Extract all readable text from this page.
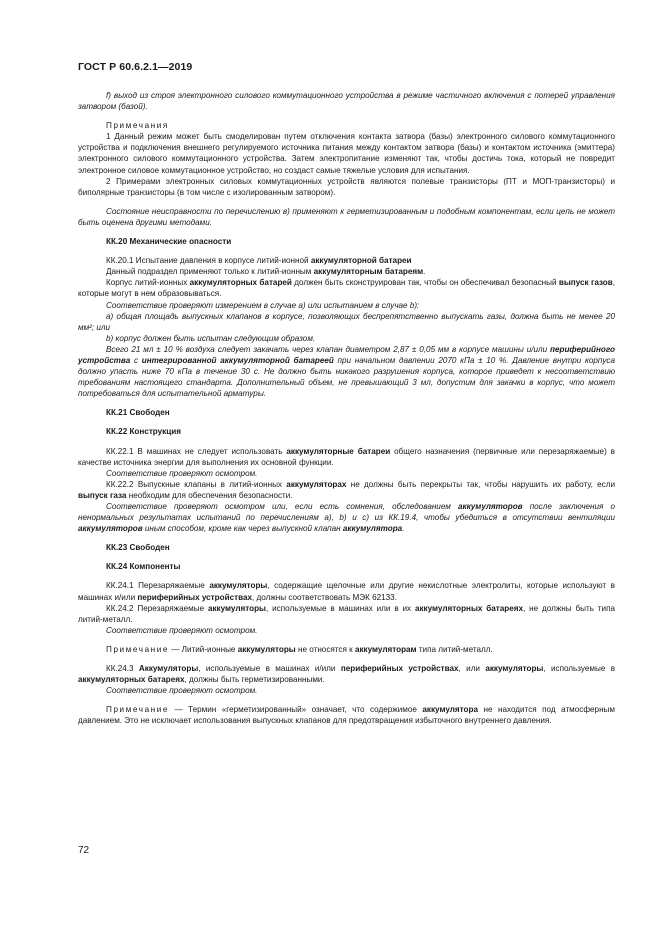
ГОСТ Р 60.6.2.1—2019

f) выход из строя электронного силового коммутационного устройства в режиме частичного включения с потерей управления затвором (базой).

Примечания

1 Данный режим может быть смоделирован путем отключения контакта затвора (базы) электронного силового коммутационного устройства и подключения внешнего регулируемого источника питания между контактом затвора (базы) и контактом источника (эмиттера) электронного силового коммутационного устройства. Затем электропитание изменяют так, чтобы достичь тока, который не повредит электронное силовое коммутационное устройство, но создаст самые тяжелые условия для испытания.

2 Примерами электронных силовых коммутационных устройств являются полевые транзисторы (ПТ и МОП-транзисторы) и биполярные транзисторы (в том числе с изолированным затвором).

Состояние неисправности по перечислению в) применяют к герметизированным и подобным компонентам, если цепь не может быть оценена другими методами.

КК.20 Механические опасности

КК.20.1 Испытание давления в корпусе литий-ионной аккумуляторной батареи

Данный подраздел применяют только к литий-ионным аккумуляторным батареям.

Корпус литий-ионных аккумуляторных батарей должен быть сконструирован так, чтобы он обеспечивал безопасный выпуск газов, которые могут в нем образовываться.

Соответствие проверяют измерением в случае а) или испытанием в случае b):

a) общая площадь выпускных клапанов в корпусе, позволяющих беспрепятственно выпускать газы, должна быть не менее 20 мм²; или

b) корпус должен быть испытан следующим образом.

Всего 21 мл ± 10 % воздуха следует закачать через клапан диаметром 2,87 ± 0,05 мм в корпусе машины и/или периферийного устройства с интегрированной аккумуляторной батареей при начальном давлении 2070 кПа ± 10 %. Давление внутри корпуса должно упасть ниже 70 кПа в течение 30 с. Не должно быть никакого разрушения корпуса, которое приведет к несоответствию требованиям настоящего стандарта. Дополнительный объем, не превышающий 3 мл, допустим для закачки в корпус, что может потребоваться для испытательной арматуры.

КК.21 Свободен

КК.22 Конструкция

КК.22.1 В машинах не следует использовать аккумуляторные батареи общего назначения (первичные или перезаряжаемые) в качестве источника энергии для выполнения их основной функции.

Соответствие проверяют осмотром.

КК.22.2 Выпускные клапаны в литий-ионных аккумуляторах не должны быть перекрыты так, чтобы нарушить их работу, если выпуск газа необходим для обеспечения безопасности.

Соответствие проверяют осмотром или, если есть сомнения, обследованием аккумуляторов после заключения о ненормальных результатах испытаний по перечислениям а), b) и с) из КК.19.4, чтобы убедиться в отсутствии вентиляции аккумуляторов иным способом, кроме как через выпускной клапан аккумулятора.

КК.23 Свободен

КК.24 Компоненты

КК.24.1 Перезаряжаемые аккумуляторы, содержащие щелочные или другие некислотные электролиты, которые используют в машинах и/или периферийных устройствах, должны соответствовать МЭК 62133.

КК.24.2 Перезаряжаемые аккумуляторы, используемые в машинах или в их аккумуляторных батареях, не должны быть типа литий-металл.

Соответствие проверяют осмотром.

Примечание — Литий-ионные аккумуляторы не относятся к аккумуляторам типа литий-металл.

КК.24.3 Аккумуляторы, используемые в машинах и/или периферийных устройствах, или аккумуляторы, используемые в аккумуляторных батареях, должны быть герметизированными.

Соответствие проверяют осмотром.

Примечание — Термин «герметизированный» означает, что содержимое аккумулятора не находится под атмосферным давлением. Это не исключает использования выпускных клапанов для предотвращения избыточного внутреннего давления.

72
